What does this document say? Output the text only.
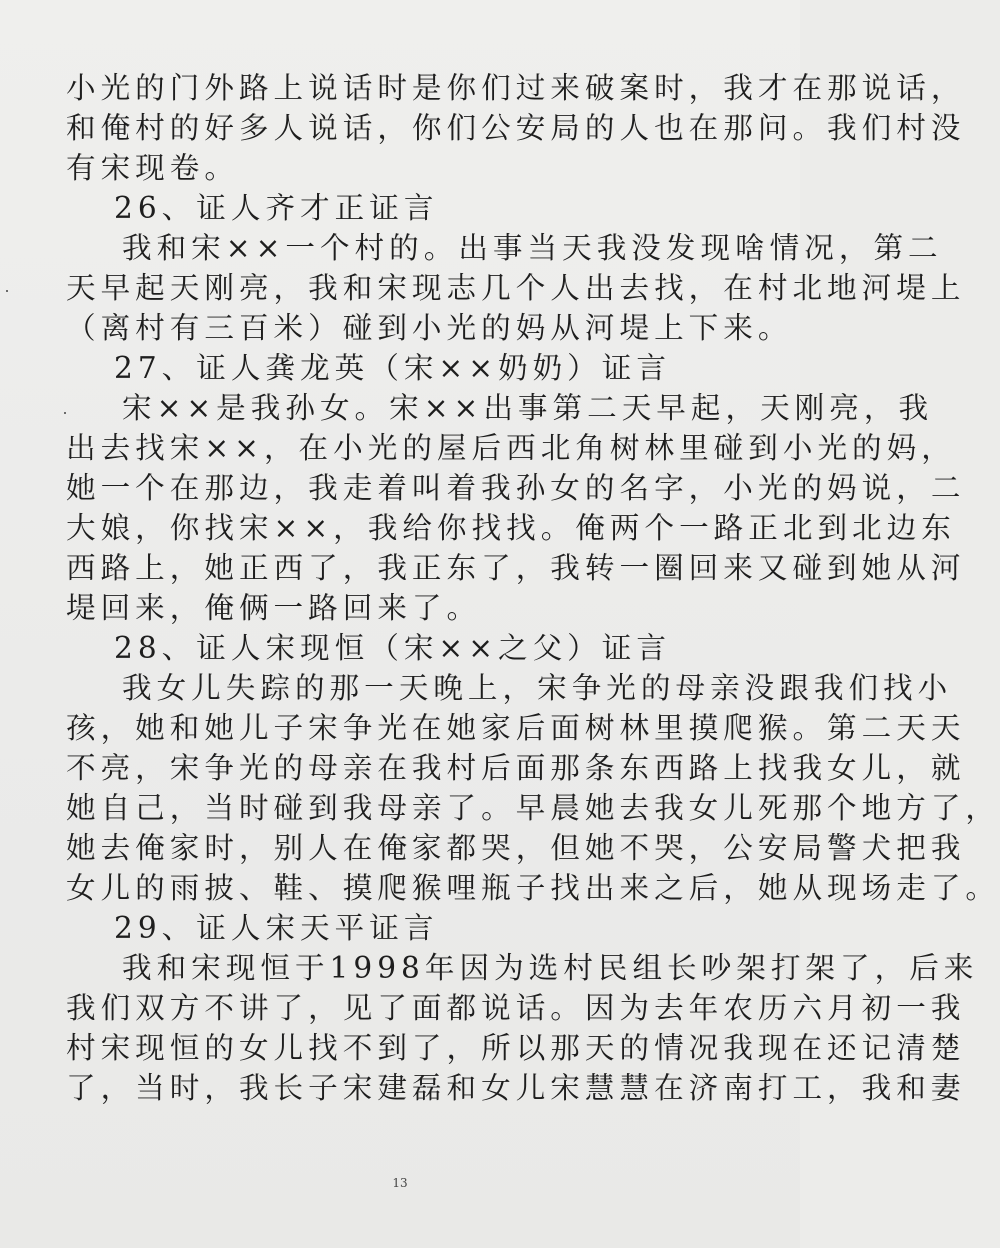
小光的门外路上说话时是你们过来破案时，我才在那说话，
和俺村的好多人说话，你们公安局的人也在那问。我们村没
有宋现卷。
26、证人齐才正证言
我和宋××一个村的。出事当天我没发现啥情况，第二
天早起天刚亮，我和宋现志几个人出去找，在村北地河堤上
（离村有三百米）碰到小光的妈从河堤上下来。
27、证人龚龙英（宋××奶奶）证言
宋××是我孙女。宋××出事第二天早起，天刚亮，我
出去找宋××，在小光的屋后西北角树林里碰到小光的妈，
她一个在那边，我走着叫着我孙女的名字，小光的妈说，二
大娘，你找宋××，我给你找找。俺两个一路正北到北边东
西路上，她正西了，我正东了，我转一圈回来又碰到她从河
堤回来，俺俩一路回来了。
28、证人宋现恒（宋××之父）证言
我女儿失踪的那一天晚上，宋争光的母亲没跟我们找小
孩，她和她儿子宋争光在她家后面树林里摸爬猴。第二天天
不亮，宋争光的母亲在我村后面那条东西路上找我女儿，就
她自己，当时碰到我母亲了。早晨她去我女儿死那个地方了，
她去俺家时，别人在俺家都哭，但她不哭，公安局警犬把我
女儿的雨披、鞋、摸爬猴哩瓶子找出来之后，她从现场走了。
29、证人宋天平证言
我和宋现恒于1998年因为选村民组长吵架打架了，后来
我们双方不讲了，见了面都说话。因为去年农历六月初一我
村宋现恒的女儿找不到了，所以那天的情况我现在还记清楚
了，当时，我长子宋建磊和女儿宋慧慧在济南打工，我和妻
13
